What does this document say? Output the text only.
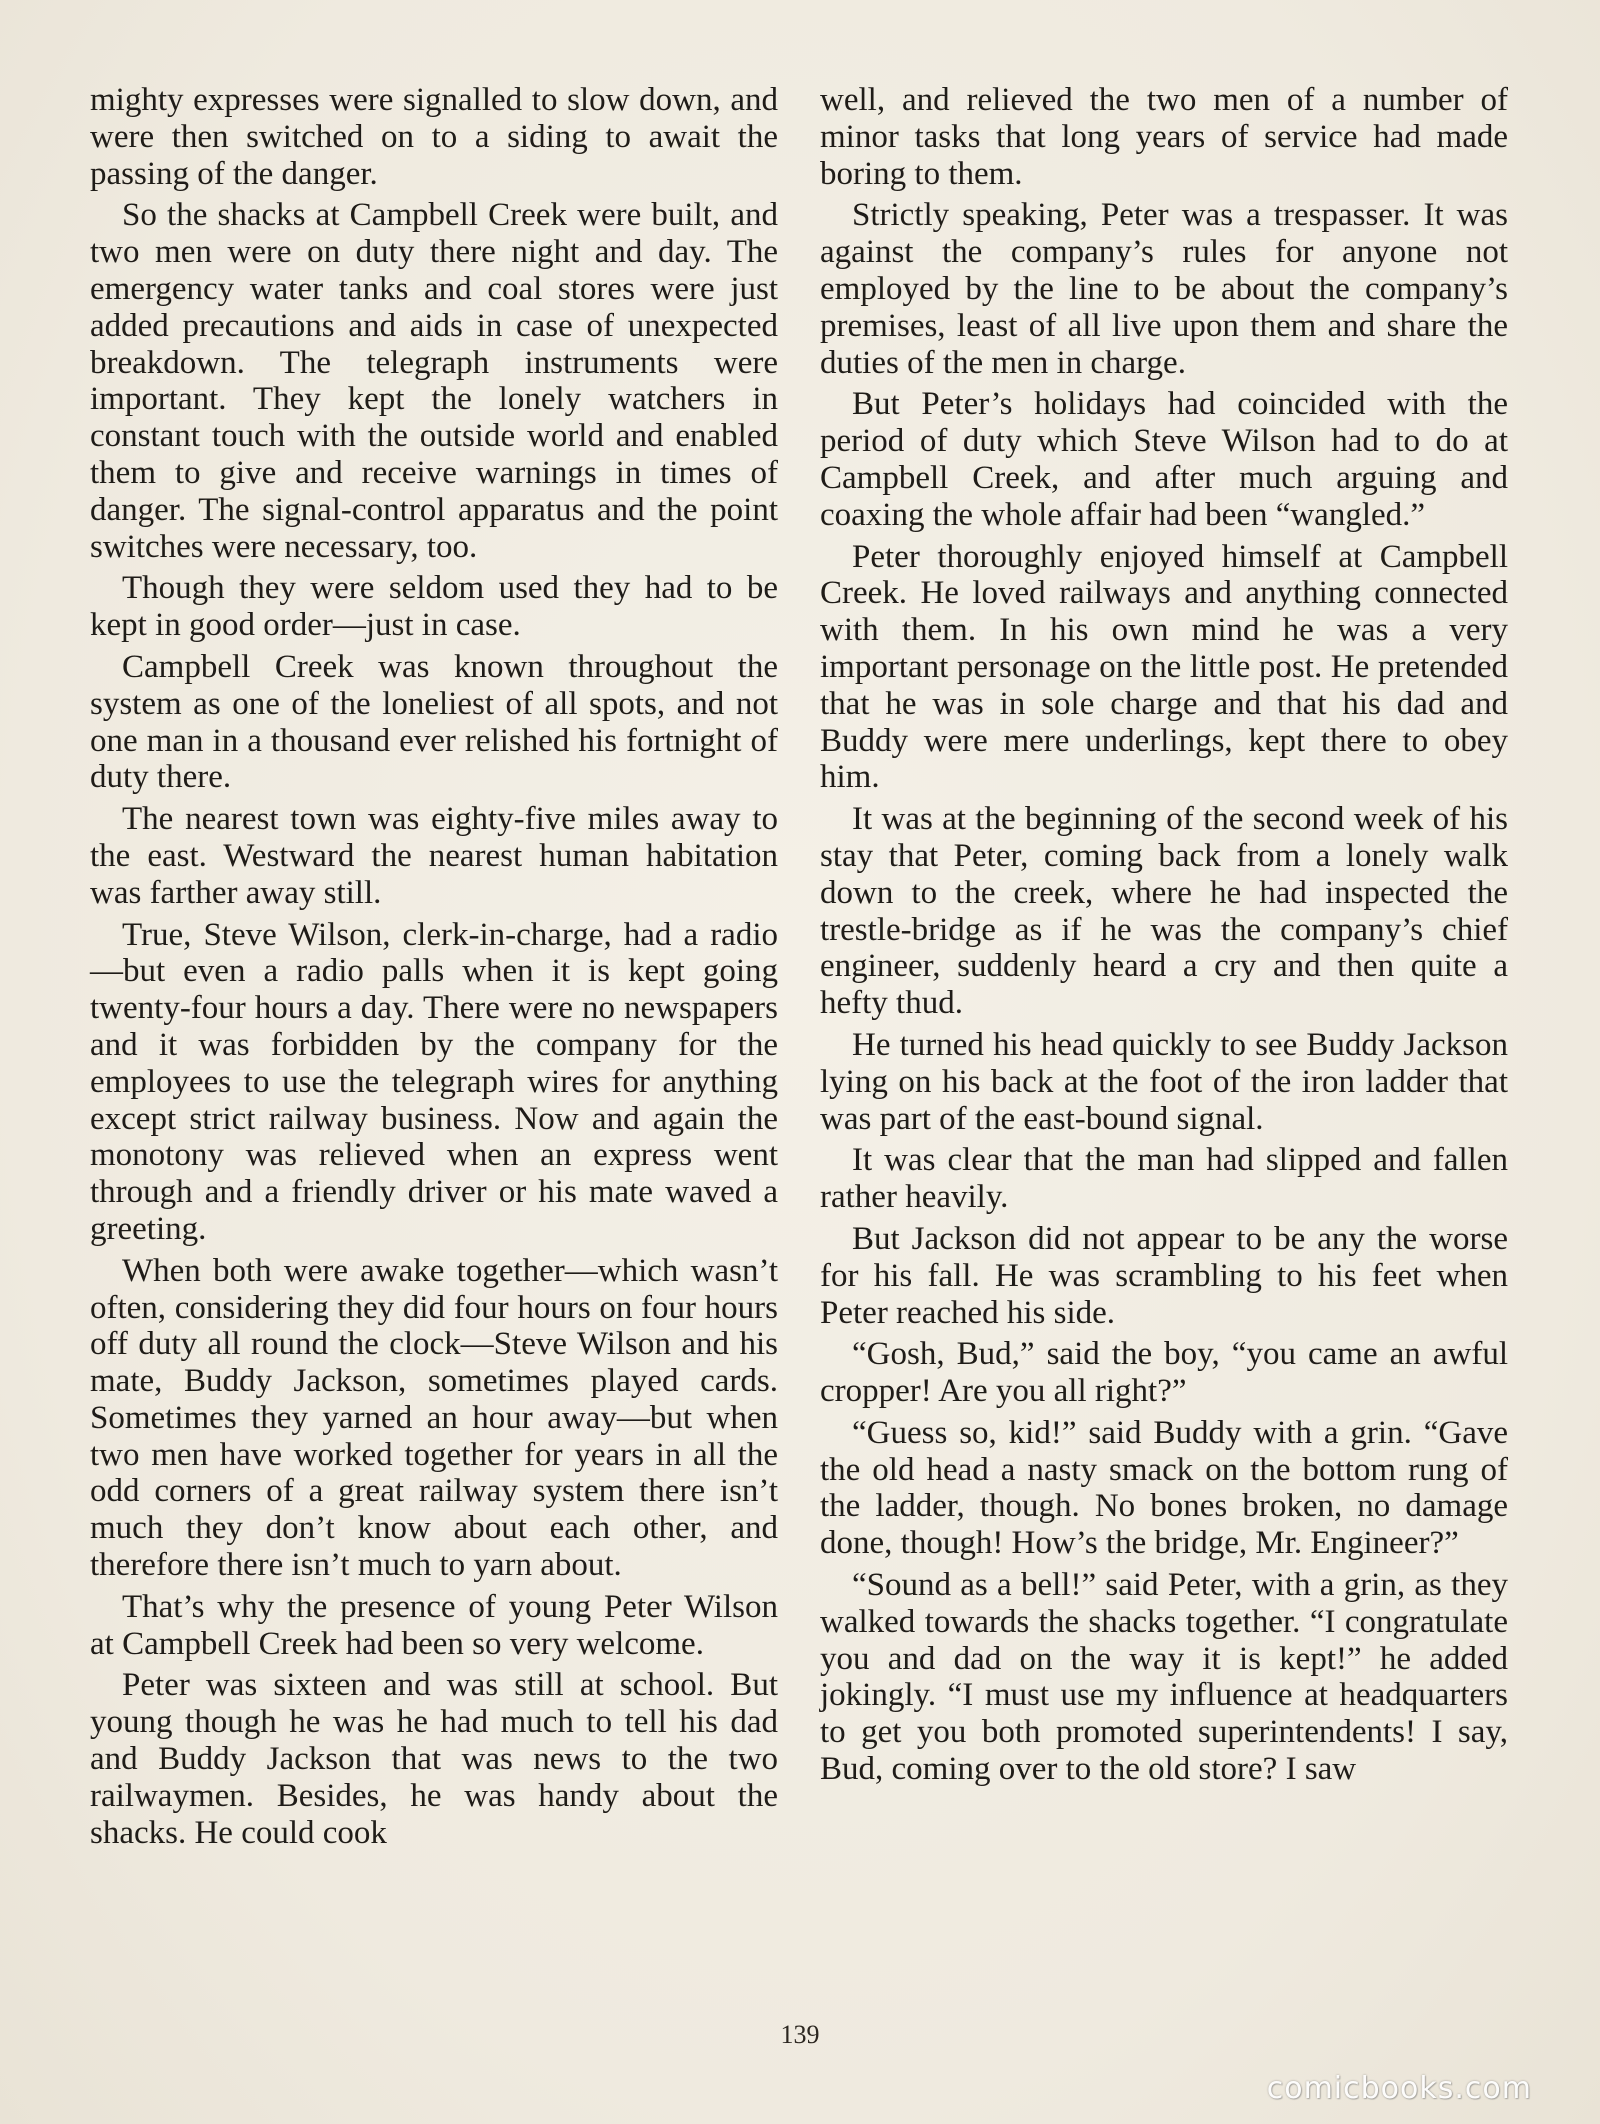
mighty expresses were signalled to slow down, and were then switched on to a siding to await the passing of the danger.

So the shacks at Campbell Creek were built, and two men were on duty there night and day. The emergency water tanks and coal stores were just added precautions and aids in case of unexpected breakdown. The telegraph instruments were important. They kept the lonely watchers in constant touch with the outside world and enabled them to give and receive warnings in times of danger. The signal-control apparatus and the point switches were necessary, too.

Though they were seldom used they had to be kept in good order—just in case.

Campbell Creek was known throughout the system as one of the loneliest of all spots, and not one man in a thousand ever relished his fortnight of duty there.

The nearest town was eighty-five miles away to the east. Westward the nearest human habitation was farther away still.

True, Steve Wilson, clerk-in-charge, had a radio—but even a radio palls when it is kept going twenty-four hours a day. There were no newspapers and it was forbidden by the company for the employees to use the telegraph wires for anything except strict railway business. Now and again the monotony was relieved when an express went through and a friendly driver or his mate waved a greeting.

When both were awake together—which wasn’t often, considering they did four hours on four hours off duty all round the clock—Steve Wilson and his mate, Buddy Jackson, sometimes played cards. Sometimes they yarned an hour away—but when two men have worked together for years in all the odd corners of a great railway system there isn’t much they don’t know about each other, and therefore there isn’t much to yarn about.

That’s why the presence of young Peter Wilson at Campbell Creek had been so very welcome.

Peter was sixteen and was still at school. But young though he was he had much to tell his dad and Buddy Jackson that was news to the two railwaymen. Besides, he was handy about the shacks. He could cook

well, and relieved the two men of a number of minor tasks that long years of service had made boring to them.

Strictly speaking, Peter was a trespasser. It was against the company’s rules for anyone not employed by the line to be about the company’s premises, least of all live upon them and share the duties of the men in charge.

But Peter’s holidays had coincided with the period of duty which Steve Wilson had to do at Campbell Creek, and after much arguing and coaxing the whole affair had been “wangled.”

Peter thoroughly enjoyed himself at Campbell Creek. He loved railways and anything connected with them. In his own mind he was a very important personage on the little post. He pretended that he was in sole charge and that his dad and Buddy were mere underlings, kept there to obey him.

It was at the beginning of the second week of his stay that Peter, coming back from a lonely walk down to the creek, where he had inspected the trestle-bridge as if he was the company’s chief engineer, suddenly heard a cry and then quite a hefty thud.

He turned his head quickly to see Buddy Jackson lying on his back at the foot of the iron ladder that was part of the east-bound signal.

It was clear that the man had slipped and fallen rather heavily.

But Jackson did not appear to be any the worse for his fall. He was scrambling to his feet when Peter reached his side.

“Gosh, Bud,” said the boy, “you came an awful cropper! Are you all right?”

“Guess so, kid!” said Buddy with a grin. “Gave the old head a nasty smack on the bottom rung of the ladder, though. No bones broken, no damage done, though! How’s the bridge, Mr. Engineer?”

“Sound as a bell!” said Peter, with a grin, as they walked towards the shacks together. “I congratulate you and dad on the way it is kept!” he added jokingly. “I must use my influence at headquarters to get you both promoted superintendents! I say, Bud, coming over to the old store? I saw

139
comicbooks.com
